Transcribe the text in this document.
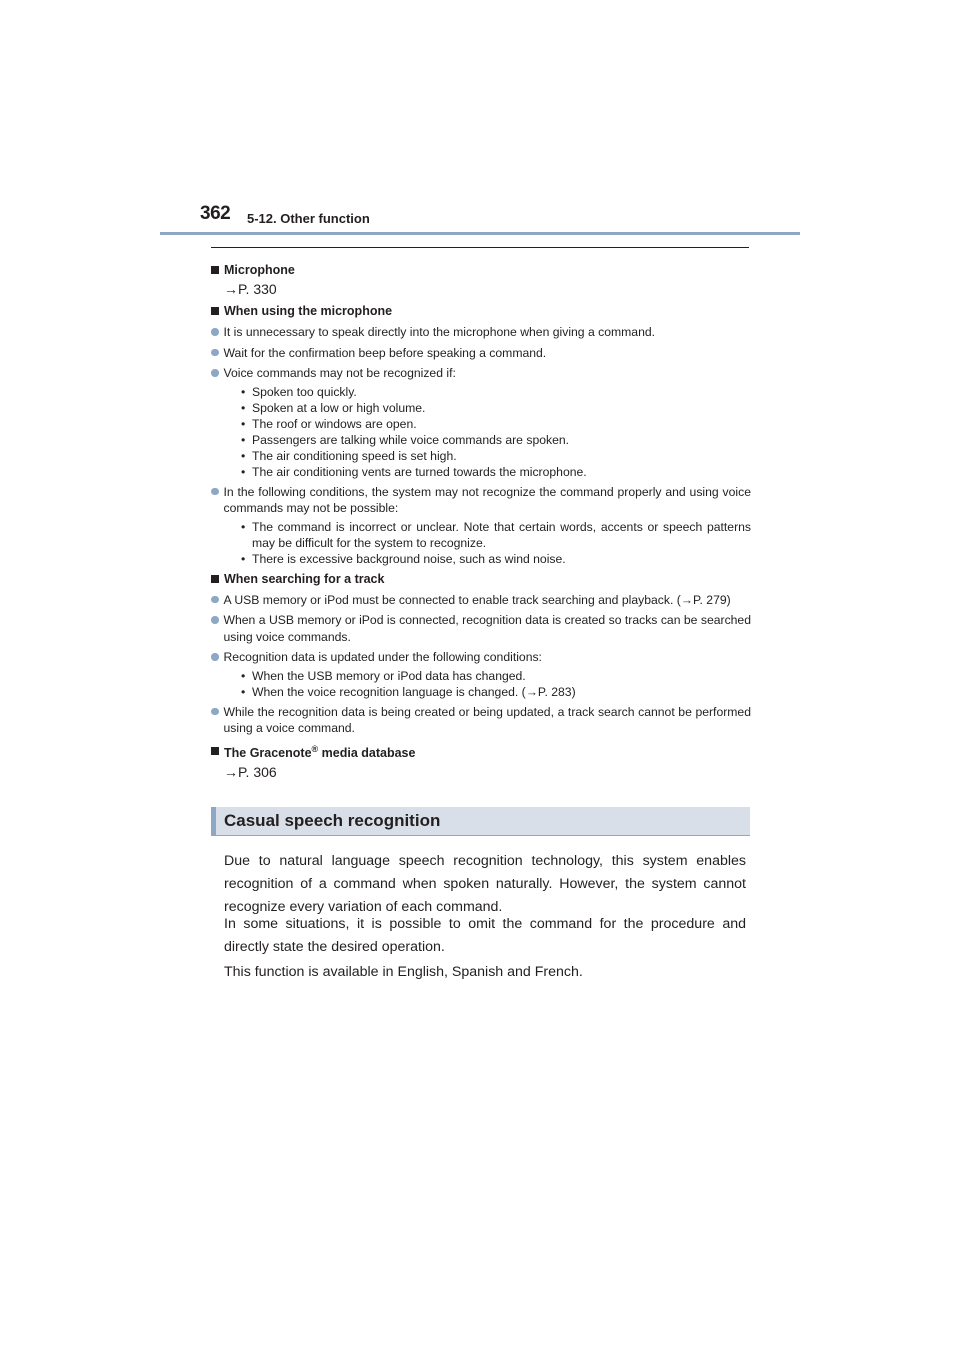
362 5-12. Other function
Microphone
→P. 330
When using the microphone
It is unnecessary to speak directly into the microphone when giving a command.
Wait for the confirmation beep before speaking a command.
Voice commands may not be recognized if:
• Spoken too quickly.
• Spoken at a low or high volume.
• The roof or windows are open.
• Passengers are talking while voice commands are spoken.
• The air conditioning speed is set high.
• The air conditioning vents are turned towards the microphone.
In the following conditions, the system may not recognize the command properly and using voice commands may not be possible:
• The command is incorrect or unclear. Note that certain words, accents or speech patterns may be difficult for the system to recognize.
• There is excessive background noise, such as wind noise.
When searching for a track
A USB memory or iPod must be connected to enable track searching and playback. (→P. 279)
When a USB memory or iPod is connected, recognition data is created so tracks can be searched using voice commands.
Recognition data is updated under the following conditions:
• When the USB memory or iPod data has changed.
• When the voice recognition language is changed. (→P. 283)
While the recognition data is being created or being updated, a track search cannot be performed using a voice command.
The Gracenote® media database
→P. 306
Casual speech recognition
Due to natural language speech recognition technology, this system enables recognition of a command when spoken naturally. However, the system cannot recognize every variation of each command.
In some situations, it is possible to omit the command for the procedure and directly state the desired operation.
This function is available in English, Spanish and French.
